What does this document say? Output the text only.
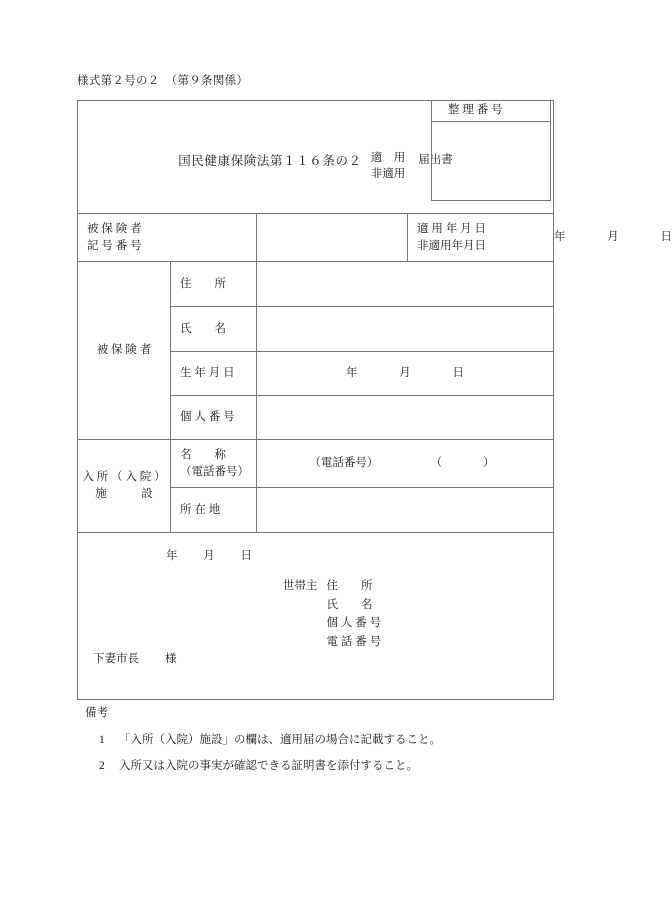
様式第２号の２　（第９条関係）
国民健康保険法第１１６条の２ 適　用
非適用
届出書
整 理 番 号				

被 保 険 者
記 号 番 号			適 用 年 月 日
非適用年月日	年 月 日

被 保 険 者	住　　所			

氏　　名			

生 年 月 日	年 月 日		

個 人 番 号			

入 所 （ 入 院 ）
施　　　設	名　　称
（電話番号）	（電話番号） （　　）		

所 在 地			

年 月 日
世帯主 住　　所
氏　　名
個 人 番 号
電 話 番 号
下妻市長 様
備考
1	「入所（入院）施設」の欄は、適用届の場合に記載すること。
2	入所又は入院の事実が確認できる証明書を添付すること。
